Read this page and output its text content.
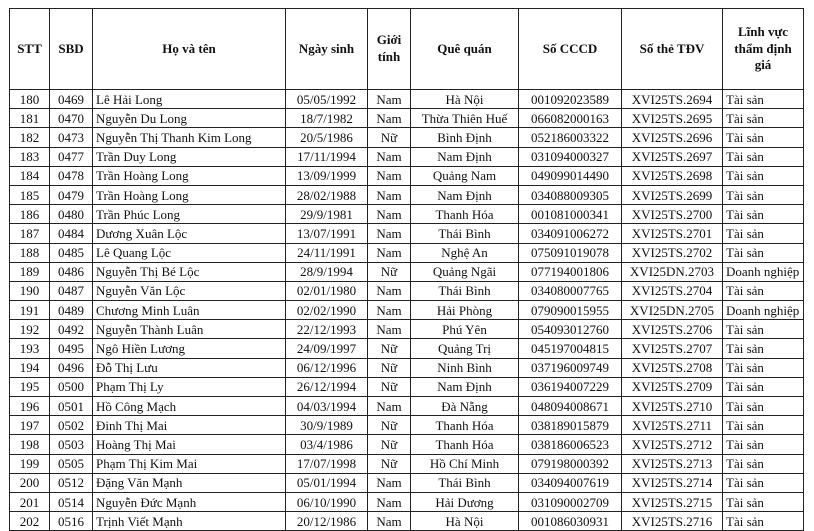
STT	SBD	Họ và tên	Ngày sinh	Giới tính	Quê quán	Số CCCD	Số thẻ TĐV	Lĩnh vực thẩm định giá
180	0469	Lê Hải Long	05/05/1992	Nam	Hà Nội	001092023589	XVI25TS.2694	Tài sản
181	0470	Nguyễn Du Long	18/7/1982	Nam	Thừa Thiên Huế	066082000163	XVI25TS.2695	Tài sản
182	0473	Nguyễn Thị Thanh Kim Long	20/5/1986	Nữ	Bình Định	052186003322	XVI25TS.2696	Tài sản
183	0477	Trần Duy Long	17/11/1994	Nam	Nam Định	031094000327	XVI25TS.2697	Tài sản
184	0478	Trần Hoàng Long	13/09/1999	Nam	Quảng Nam	049099014490	XVI25TS.2698	Tài sản
185	0479	Trần Hoàng Long	28/02/1988	Nam	Nam Định	034088009305	XVI25TS.2699	Tài sản
186	0480	Trần Phúc Long	29/9/1981	Nam	Thanh Hóa	001081000341	XVI25TS.2700	Tài sản
187	0484	Dương Xuân Lộc	13/07/1991	Nam	Thái Bình	034091006272	XVI25TS.2701	Tài sản
188	0485	Lê Quang Lộc	24/11/1991	Nam	Nghệ An	075091019078	XVI25TS.2702	Tài sản
189	0486	Nguyễn Thị Bé Lộc	28/9/1994	Nữ	Quảng Ngãi	077194001806	XVI25DN.2703	Doanh nghiệp
190	0487	Nguyễn Văn Lộc	02/01/1980	Nam	Thái Bình	034080007765	XVI25TS.2704	Tài sản
191	0489	Chương Minh Luân	02/02/1990	Nam	Hải Phòng	079090015955	XVI25DN.2705	Doanh nghiệp
192	0492	Nguyễn Thành Luân	22/12/1993	Nam	Phú Yên	054093012760	XVI25TS.2706	Tài sản
193	0495	Ngô Hiền Lương	24/09/1997	Nữ	Quảng Trị	045197004815	XVI25TS.2707	Tài sản
194	0496	Đỗ Thị Lưu	06/12/1996	Nữ	Ninh Bình	037196009749	XVI25TS.2708	Tài sản
195	0500	Phạm Thị Ly	26/12/1994	Nữ	Nam Định	036194007229	XVI25TS.2709	Tài sản
196	0501	Hồ Công Mạch	04/03/1994	Nam	Đà Nẵng	048094008671	XVI25TS.2710	Tài sản
197	0502	Đinh Thị Mai	30/9/1989	Nữ	Thanh Hóa	038189015879	XVI25TS.2711	Tài sản
198	0503	Hoàng Thị Mai	03/4/1986	Nữ	Thanh Hóa	038186006523	XVI25TS.2712	Tài sản
199	0505	Phạm Thị Kim Mai	17/07/1998	Nữ	Hồ Chí Minh	079198000392	XVI25TS.2713	Tài sản
200	0512	Đặng Văn Mạnh	05/01/1994	Nam	Thái Bình	034094007619	XVI25TS.2714	Tài sản
201	0514	Nguyễn Đức Mạnh	06/10/1990	Nam	Hải Dương	031090002709	XVI25TS.2715	Tài sản
202	0516	Trịnh Viết Mạnh	20/12/1986	Nam	Hà Nội	001086030931	XVI25TS.2716	Tài sản
